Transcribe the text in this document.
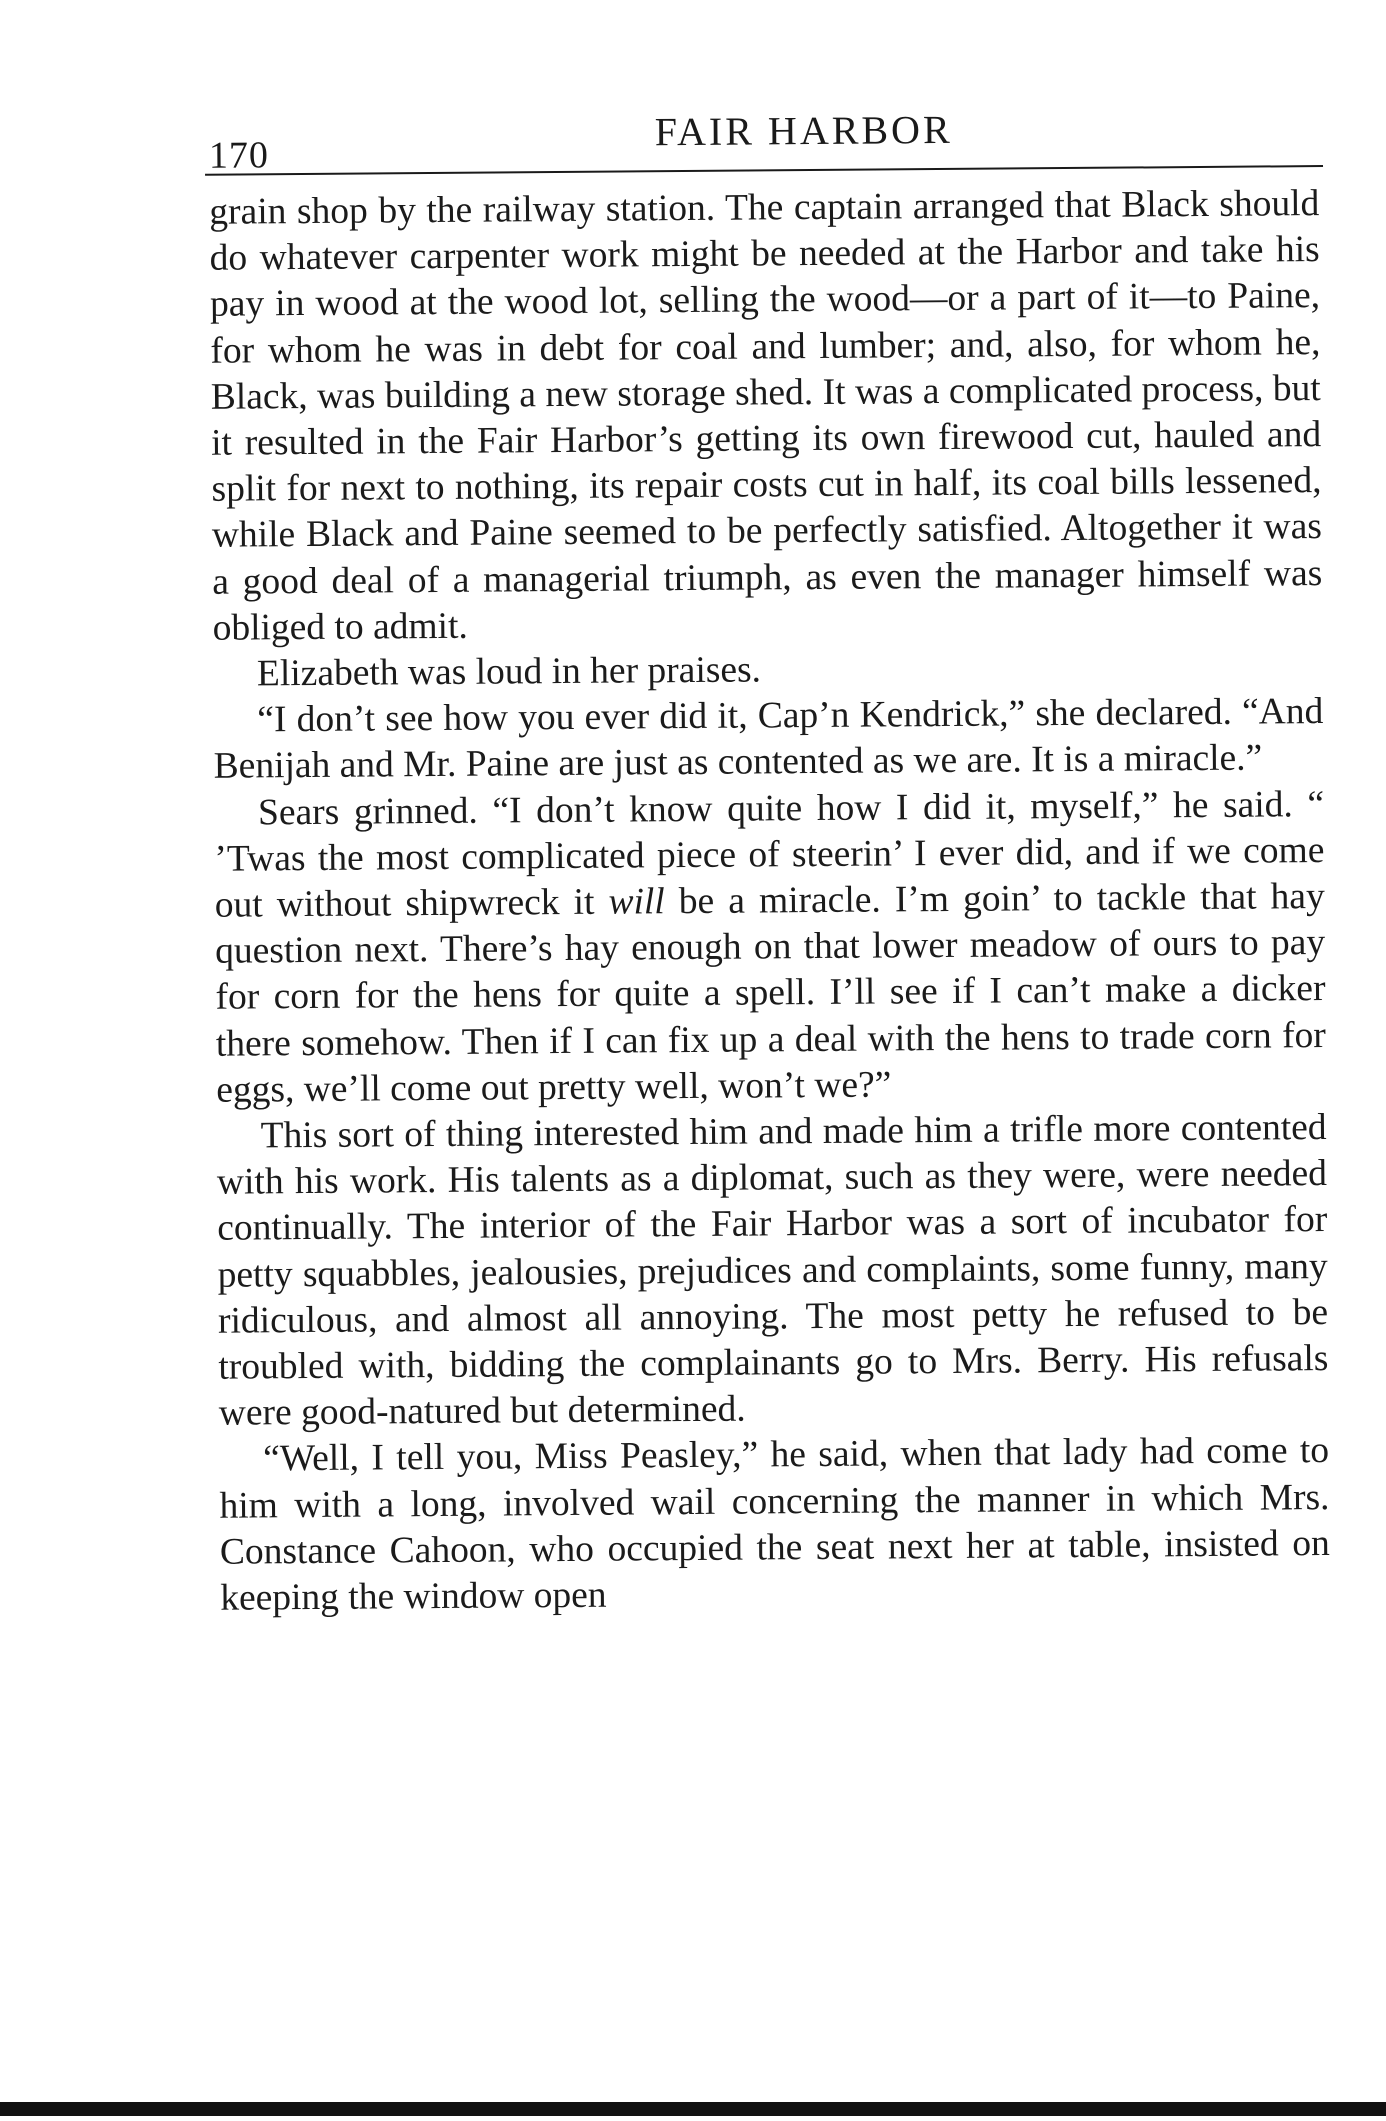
170
FAIR HARBOR

grain shop by the railway station. The captain arranged that Black should do whatever carpenter work might be needed at the Harbor and take his pay in wood at the wood lot, selling the wood—or a part of it—to Paine, for whom he was in debt for coal and lumber; and, also, for whom he, Black, was building a new storage shed. It was a complicated process, but it resulted in the Fair Harbor’s getting its own firewood cut, hauled and split for next to nothing, its repair costs cut in half, its coal bills lessened, while Black and Paine seemed to be perfectly satisfied. Altogether it was a good deal of a managerial triumph, as even the manager himself was obliged to admit.

Elizabeth was loud in her praises.

“I don’t see how you ever did it, Cap’n Kendrick,” she declared. “And Benijah and Mr. Paine are just as contented as we are. It is a miracle.”

Sears grinned. “I don’t know quite how I did it, myself,” he said. “ ’Twas the most complicated piece of steerin’ I ever did, and if we come out without shipwreck it will be a miracle. I’m goin’ to tackle that hay question next. There’s hay enough on that lower meadow of ours to pay for corn for the hens for quite a spell. I’ll see if I can’t make a dicker there somehow. Then if I can fix up a deal with the hens to trade corn for eggs, we’ll come out pretty well, won’t we?”

This sort of thing interested him and made him a trifle more contented with his work. His talents as a diplomat, such as they were, were needed continually. The interior of the Fair Harbor was a sort of incubator for petty squabbles, jealousies, prejudices and complaints, some funny, many ridiculous, and almost all annoying. The most petty he refused to be troubled with, bidding the complainants go to Mrs. Berry. His refusals were good-natured but determined.

“Well, I tell you, Miss Peasley,” he said, when that lady had come to him with a long, involved wail concerning the manner in which Mrs. Constance Cahoon, who occupied the seat next her at table, insisted on keeping the window open
